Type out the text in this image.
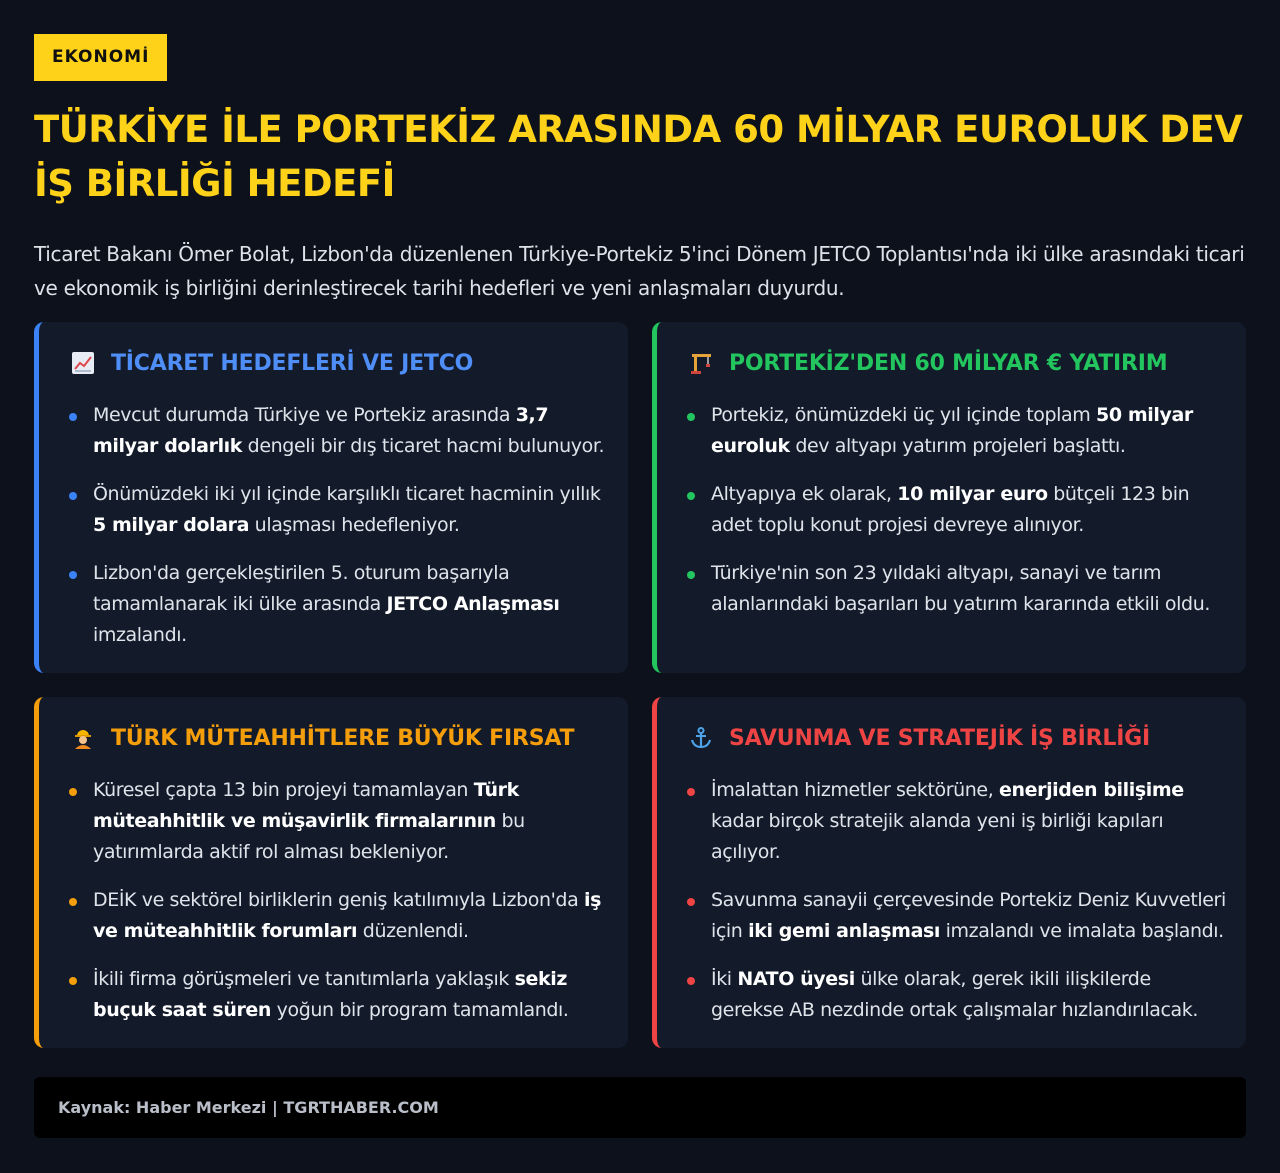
EKONOMİ
TÜRKİYE İLE PORTEKİZ ARASINDA 60 MİLYAR EUROLUK DEV İŞ BİRLİĞİ HEDEFİ

Ticaret Bakanı Ömer Bolat, Lizbon'da düzenlenen Türkiye-Portekiz 5'inci Dönem JETCO Toplantısı'nda iki ülke arasındaki ticari ve ekonomik iş birliğini derinleştirecek tarihi hedefleri ve yeni anlaşmaları duyurdu.

TİCARET HEDEFLERİ VE JETCO
Mevcut durumda Türkiye ve Portekiz arasında 3,7 milyar dolarlık dengeli bir dış ticaret hacmi bulunuyor.
Önümüzdeki iki yıl içinde karşılıklı ticaret hacminin yıllık 5 milyar dolara ulaşması hedefleniyor.
Lizbon'da gerçekleştirilen 5. oturum başarıyla tamamlanarak iki ülke arasında JETCO Anlaşması imzalandı.
PORTEKİZ'DEN 60 MİLYAR € YATIRIM
Portekiz, önümüzdeki üç yıl içinde toplam 50 milyar euroluk dev altyapı yatırım projeleri başlattı.
Altyapıya ek olarak, 10 milyar euro bütçeli 123 bin adet toplu konut projesi devreye alınıyor.
Türkiye'nin son 23 yıldaki altyapı, sanayi ve tarım alanlarındaki başarıları bu yatırım kararında etkili oldu.
TÜRK MÜTEAHHİTLERE BÜYÜK FIRSAT
Küresel çapta 13 bin projeyi tamamlayan Türk müteahhitlik ve müşavirlik firmalarının bu yatırımlarda aktif rol alması bekleniyor.
DEİK ve sektörel birliklerin geniş katılımıyla Lizbon'da iş ve müteahhitlik forumları düzenlendi.
İkili firma görüşmeleri ve tanıtımlarla yaklaşık sekiz buçuk saat süren yoğun bir program tamamlandı.
SAVUNMA VE STRATEJİK İŞ BİRLİĞİ
İmalattan hizmetler sektörüne, enerjiden bilişime kadar birçok stratejik alanda yeni iş birliği kapıları açılıyor.
Savunma sanayii çerçevesinde Portekiz Deniz Kuvvetleri için iki gemi anlaşması imzalandı ve imalata başlandı.
İki NATO üyesi ülke olarak, gerek ikili ilişkilerde gerekse AB nezdinde ortak çalışmalar hızlandırılacak.
Kaynak: Haber Merkezi | TGRTHABER.COM
